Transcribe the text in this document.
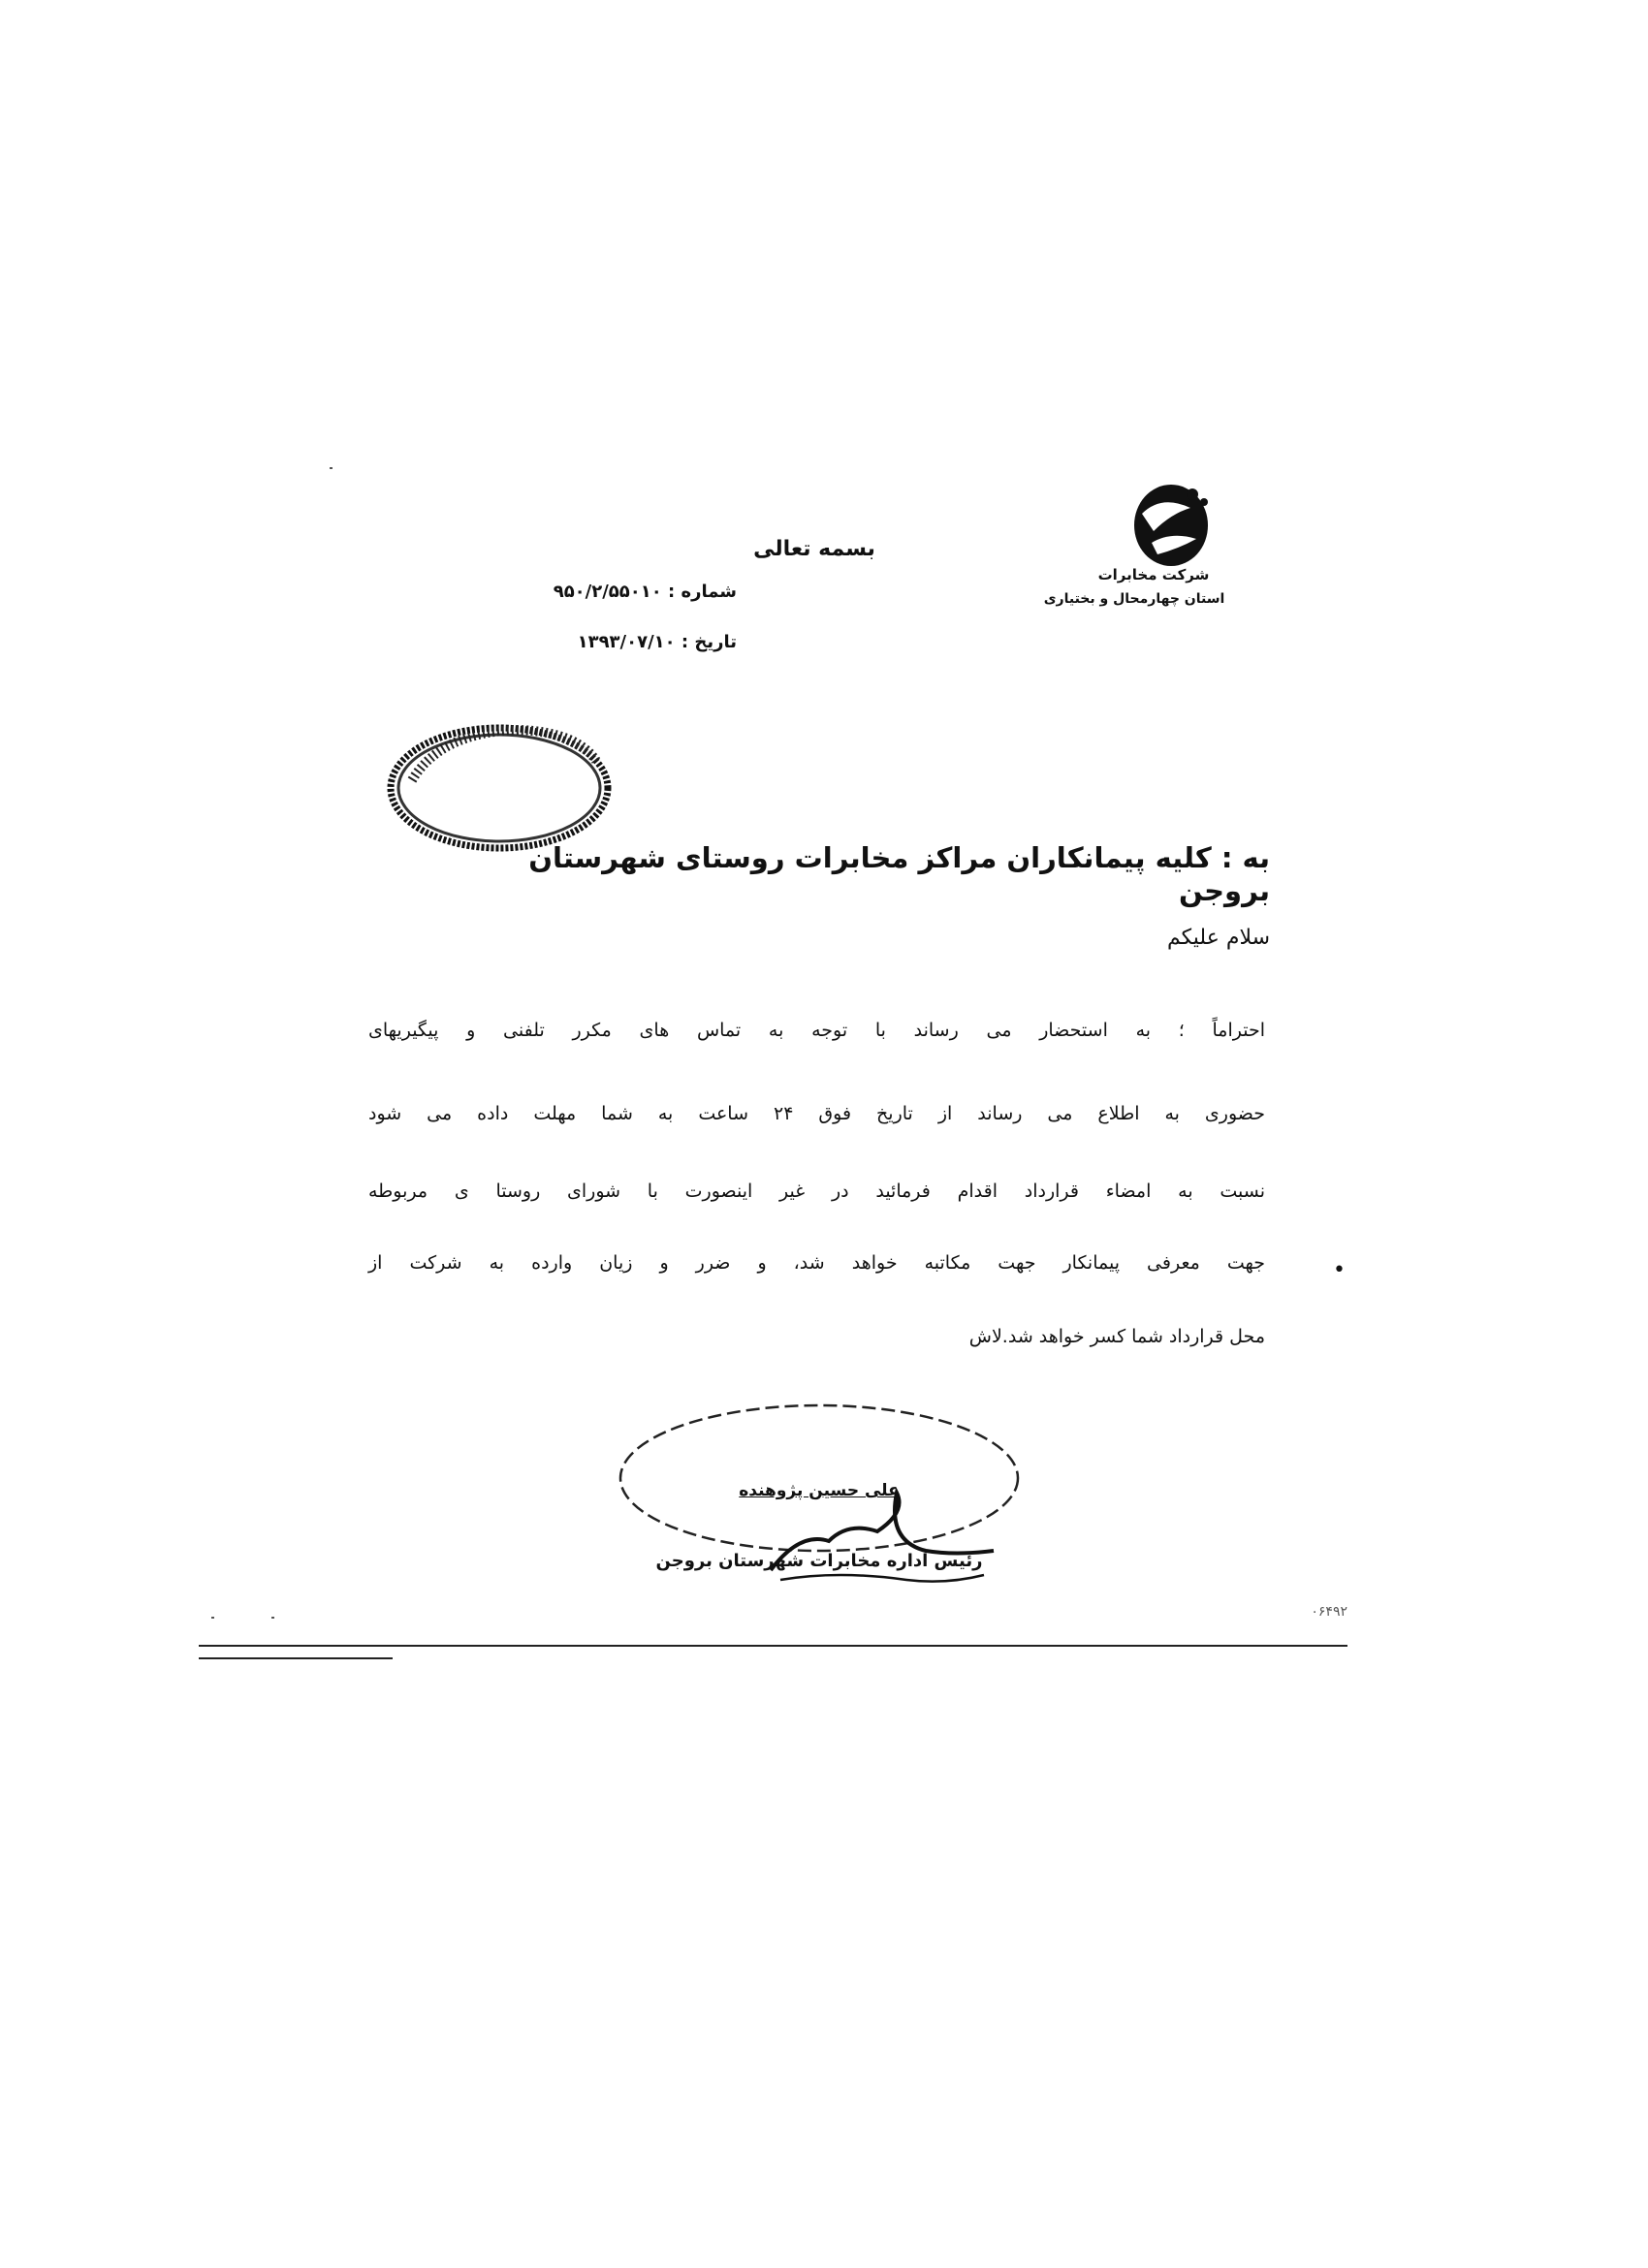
شرکت مخابرات
استان چهارمحال و بختیاری
بسمه تعالی
شماره : ۹۵۰/۲/۵۵۰۱۰
تاریخ : ۱۳۹۳/۰۷/۱۰
به : کلیه پیمانکاران مراکز مخابرات روستای شهرستان بروجن
سلام علیکم
احتراماً ؛ به استحضار می رساند با توجه به تماس های مکرر تلفنی و پیگیریهای
حضوری به اطلاع می رساند از تاریخ فوق ۲۴ ساعت به شما مهلت داده می شود
نسبت به امضاء قرارداد اقدام فرمائید در غیر اینصورت با شورای روستا ی مربوطه
جهت معرفی پیمانکار جهت مکاتبه خواهد شد، و ضرر و زیان وارده به شرکت از
محل قرارداد شما کسر خواهد شد.لاش
•
علی حسین پژوهنده
رئیس اداره مخابرات شهرستان بروجن
۰۶۴۹۲
